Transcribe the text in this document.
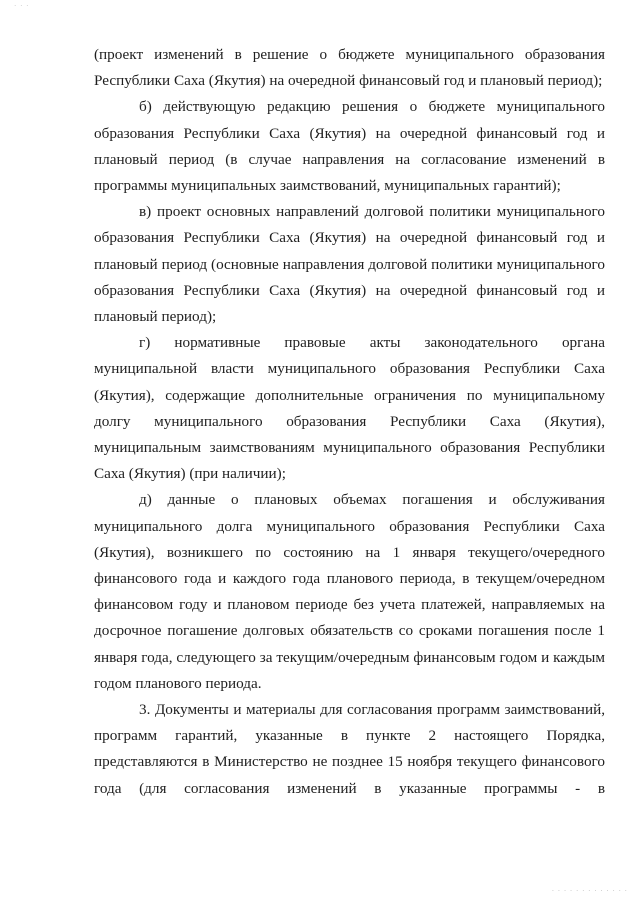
· · ·

(проект изменений в решение о бюджете муниципального образования Республики Саха (Якутия) на очередной финансовый год и плановый период);

б) действующую редакцию решения о бюджете муниципального образования Республики Саха (Якутия) на очередной финансовый год и плановый период (в случае направления на согласование изменений в программы муниципальных заимствований, муниципальных гарантий);

в) проект основных направлений долговой политики муниципального образования Республики Саха (Якутия) на очередной финансовый год и плановый период (основные направления долговой политики муниципального образования Республики Саха (Якутия) на очередной финансовый год и плановый период);

г) нормативные правовые акты законодательного органа муниципальной власти муниципального образования Республики Саха (Якутия), содержащие дополнительные ограничения по муниципальному долгу муниципального образования Республики Саха (Якутия), муниципальным заимствованиям муниципального образования Республики Саха (Якутия) (при наличии);

д) данные о плановых объемах погашения и обслуживания муниципального долга муниципального образования Республики Саха (Якутия), возникшего по состоянию на 1 января текущего/очередного финансового года и каждого года планового периода, в текущем/очередном финансовом году и плановом периоде без учета платежей, направляемых на досрочное погашение долговых обязательств со сроками погашения после 1 января года, следующего за текущим/очередным финансовым годом и каждым годом планового периода.

3. Документы и материалы для согласования программ заимствований, программ гарантий, указанные в пункте 2 настоящего Порядка, представляются в Министерство не позднее 15 ноября текущего финансового года (для согласования изменений в указанные программы - в

· · · · · · · · · · · · ·
